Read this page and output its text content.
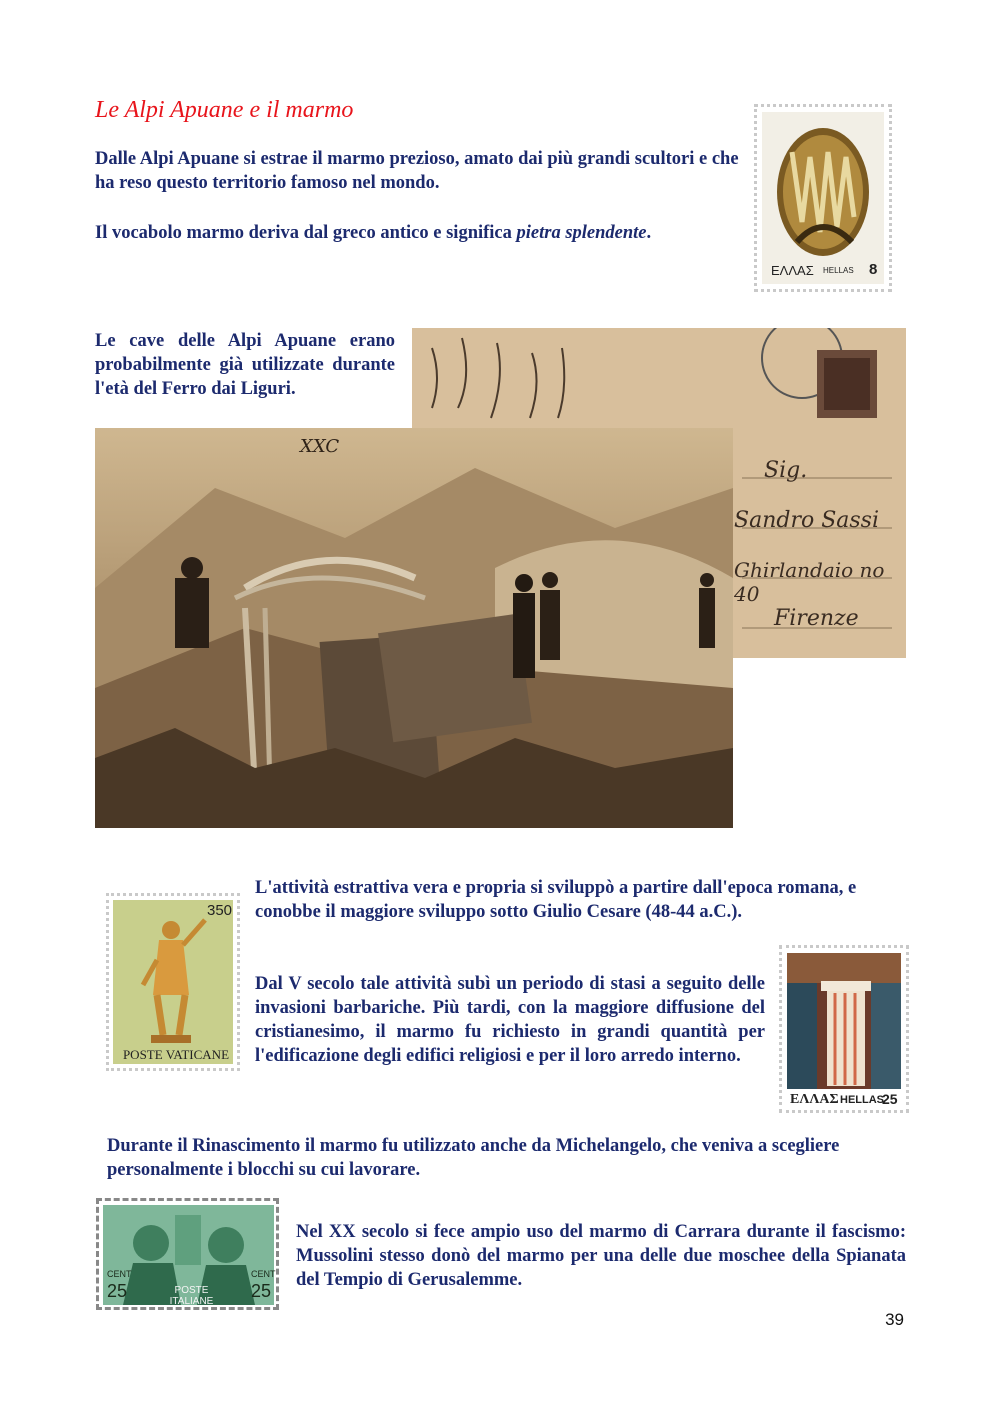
Le Alpi Apuane e il marmo

Dalle Alpi Apuane si estrae il marmo prezioso, amato dai più grandi scultori e che ha reso questo territorio famoso nel mondo.

Il vocabolo marmo deriva dal greco antico e significa pietra splendente.

ΕΛΛΑΣ HELLAS 8

Le cave delle Alpi Apuane erano probabilmente già utilizzate durante l'età del Ferro dai Liguri.

Sig.
Sandro Sassi
Ghirlandaio no 40
Firenze
XXC
350
POSTE VATICANE

L'attività estrattiva vera e propria si sviluppò a partire dall'epoca romana, e conobbe il maggiore sviluppo sotto Giulio Cesare (48-44 a.C.).

Dal V secolo tale attività subì un periodo di stasi a seguito delle invasioni barbariche. Più tardi, con la maggiore diffusione del cristianesimo, il marmo fu richiesto in grandi quantità per l'edificazione degli edifici religiosi e per il loro arredo interno.

ΕΛΛΑΣ HELLAS
25

Durante il Rinascimento il marmo fu utilizzato anche da Michelangelo, che veniva a scegliere personalmente i blocchi su cui lavorare.

CENT
25
CENT
25
POSTE ITALIANE

Nel XX secolo si fece ampio uso del marmo di Carrara durante il fascismo: Mussolini stesso donò del marmo per una delle due moschee della Spianata del Tempio di Gerusalemme.

39
